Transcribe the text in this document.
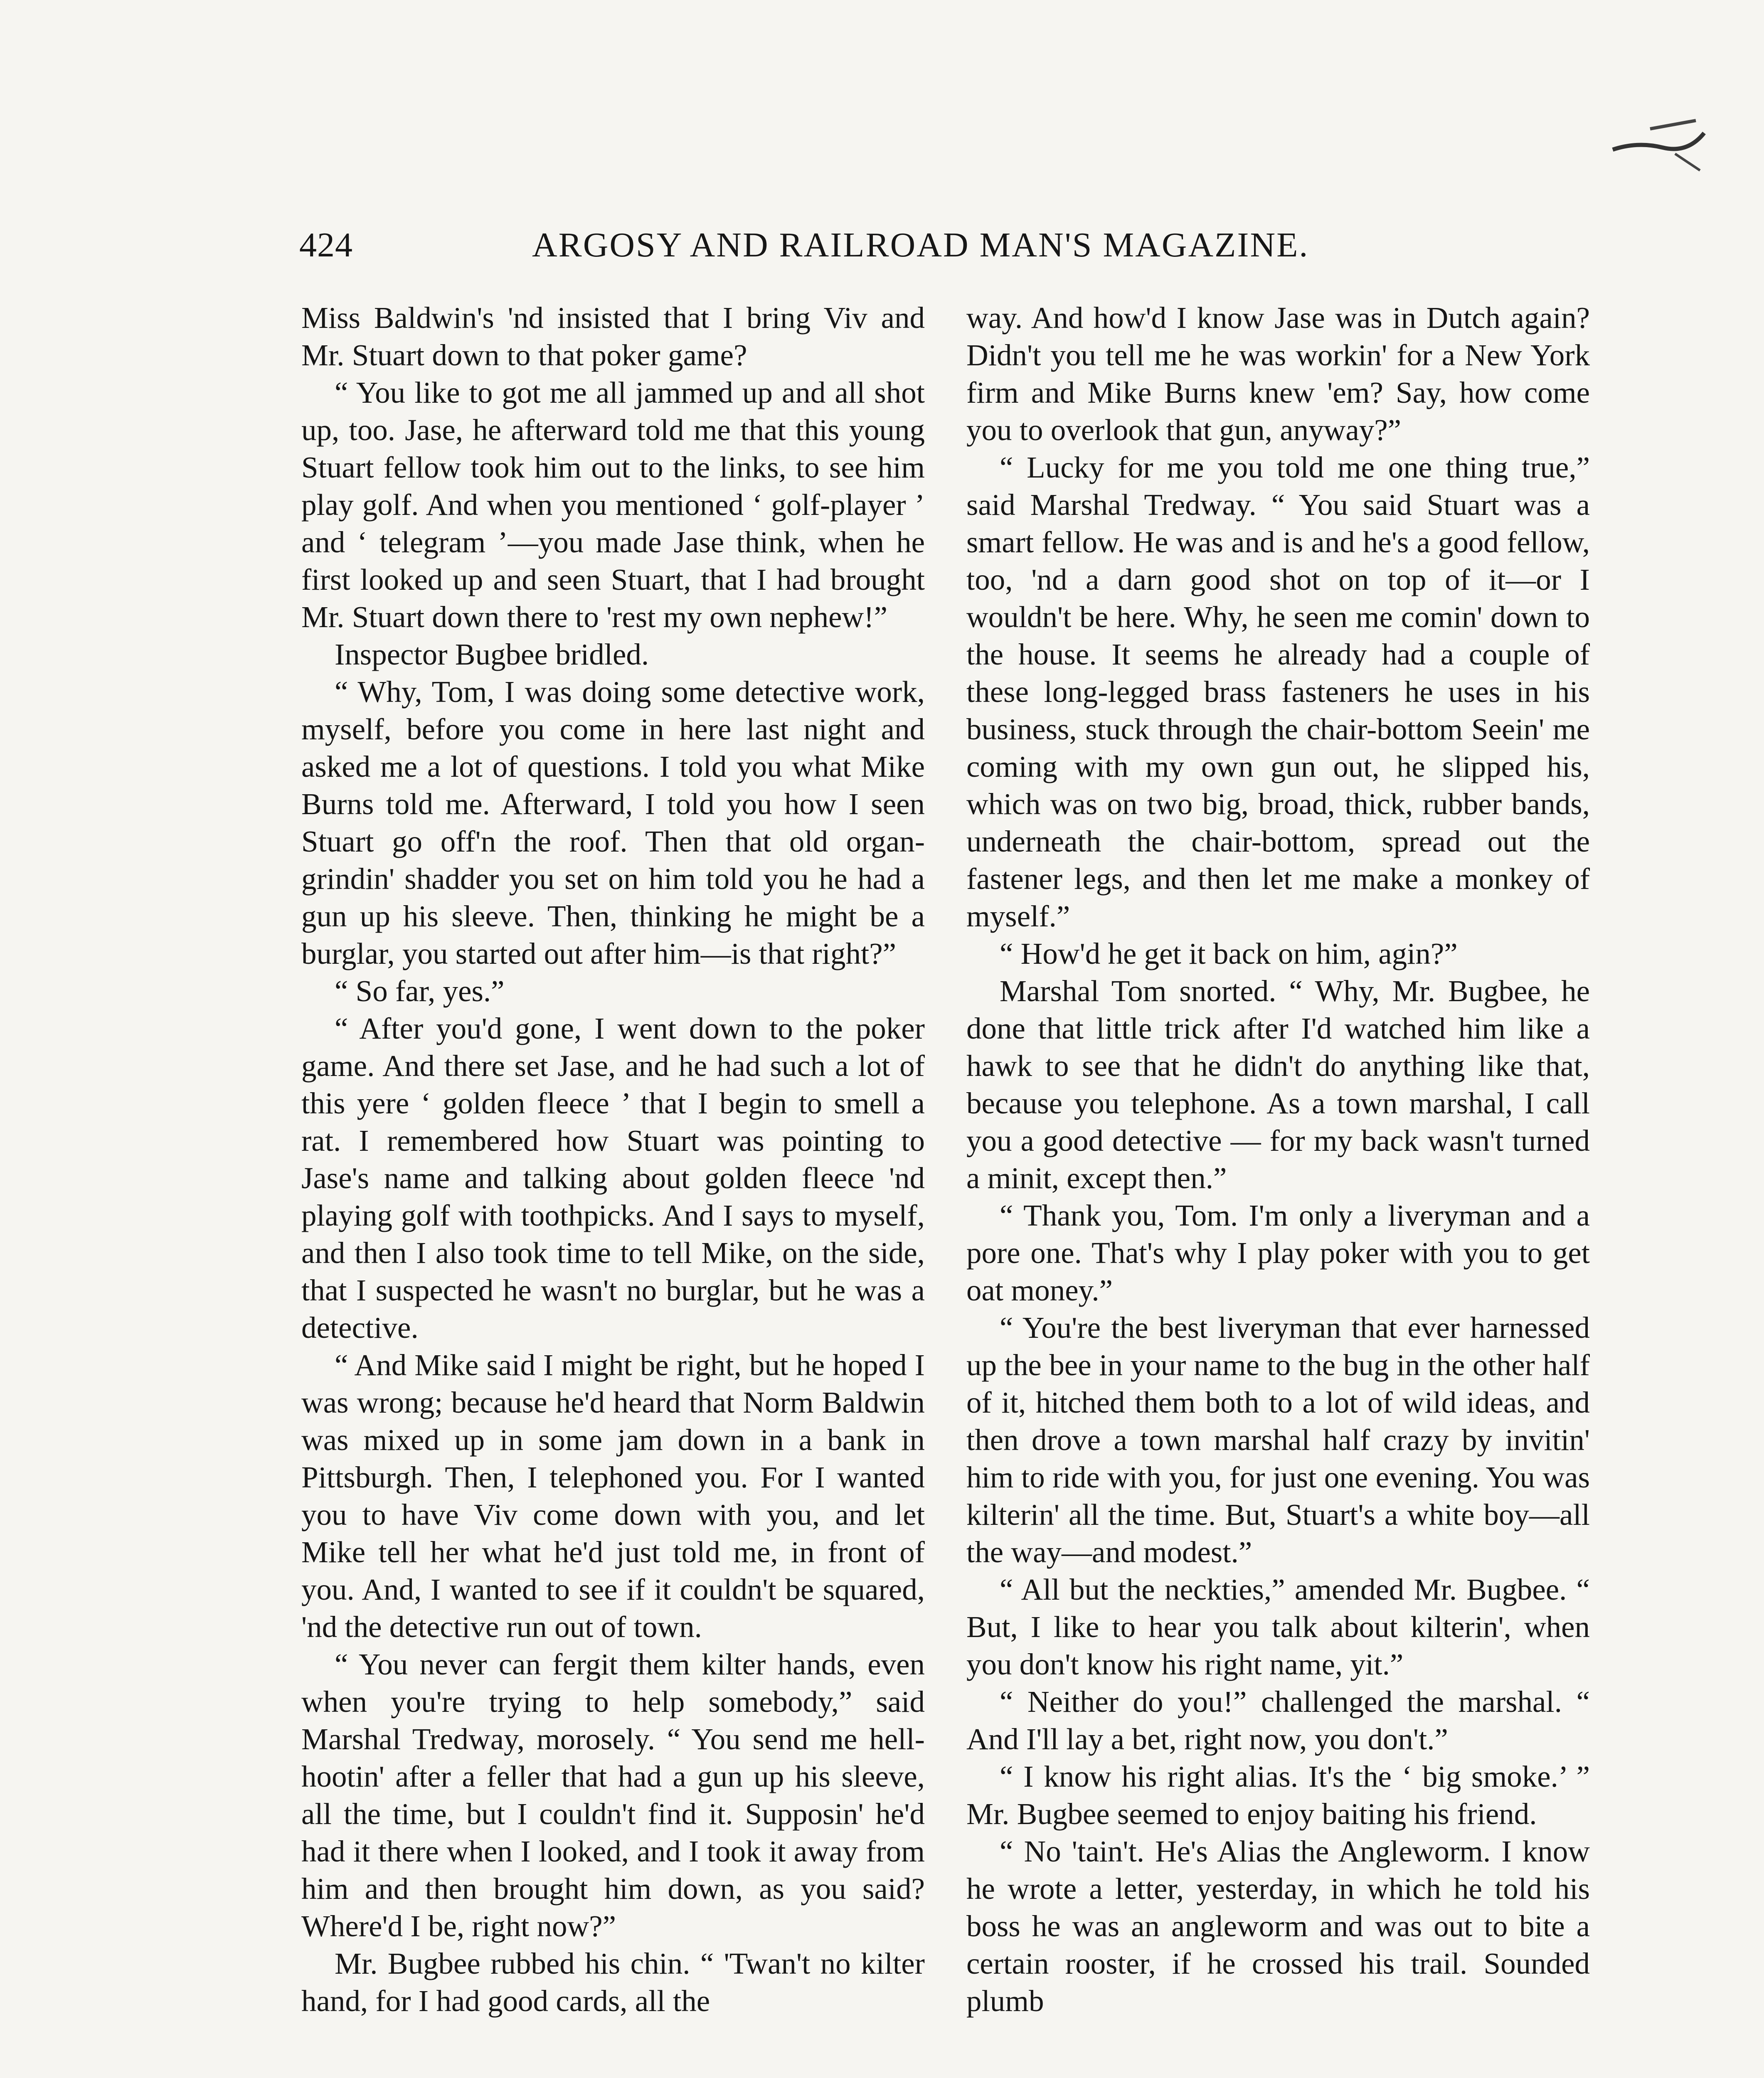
424	ARGOSY AND RAILROAD MAN'S MAGAZINE.

Miss Baldwin's 'nd insisted that I bring Viv and Mr. Stuart down to that poker game?

“ You like to got me all jammed up and all shot up, too. Jase, he afterward told me that this young Stuart fellow took him out to the links, to see him play golf. And when you mentioned ‘ golf-player ’ and ‘ telegram ’—you made Jase think, when he first looked up and seen Stuart, that I had brought Mr. Stuart down there to 'rest my own nephew!”

Inspector Bugbee bridled.

“ Why, Tom, I was doing some detective work, myself, before you come in here last night and asked me a lot of questions. I told you what Mike Burns told me. Afterward, I told you how I seen Stuart go off'n the roof. Then that old organ-grindin' shadder you set on him told you he had a gun up his sleeve. Then, thinking he might be a burglar, you started out after him—is that right?”

“ So far, yes.”

“ After you'd gone, I went down to the poker game. And there set Jase, and he had such a lot of this yere ‘ golden fleece ’ that I begin to smell a rat. I remembered how Stuart was pointing to Jase's name and talking about golden fleece 'nd playing golf with toothpicks. And I says to myself, and then I also took time to tell Mike, on the side, that I suspected he wasn't no burglar, but he was a detective.

“ And Mike said I might be right, but he hoped I was wrong; because he'd heard that Norm Baldwin was mixed up in some jam down in a bank in Pittsburgh. Then, I telephoned you. For I wanted you to have Viv come down with you, and let Mike tell her what he'd just told me, in front of you. And, I wanted to see if it couldn't be squared, 'nd the detective run out of town.

“ You never can fergit them kilter hands, even when you're trying to help somebody,” said Marshal Tredway, morosely. “ You send me hell-hootin' after a feller that had a gun up his sleeve, all the time, but I couldn't find it. Supposin' he'd had it there when I looked, and I took it away from him and then brought him down, as you said? Where'd I be, right now?”

Mr. Bugbee rubbed his chin. “ 'Twan't no kilter hand, for I had good cards, all the

way. And how'd I know Jase was in Dutch again? Didn't you tell me he was workin' for a New York firm and Mike Burns knew 'em? Say, how come you to overlook that gun, anyway?”

“ Lucky for me you told me one thing true,” said Marshal Tredway. “ You said Stuart was a smart fellow. He was and is and he's a good fellow, too, 'nd a darn good shot on top of it—or I wouldn't be here. Why, he seen me comin' down to the house. It seems he already had a couple of these long-legged brass fasteners he uses in his business, stuck through the chair-bottom Seein' me coming with my own gun out, he slipped his, which was on two big, broad, thick, rubber bands, underneath the chair-bottom, spread out the fastener legs, and then let me make a monkey of myself.”

“ How'd he get it back on him, agin?”

Marshal Tom snorted. “ Why, Mr. Bugbee, he done that little trick after I'd watched him like a hawk to see that he didn't do anything like that, because you telephone. As a town marshal, I call you a good detective — for my back wasn't turned a minit, except then.”

“ Thank you, Tom. I'm only a liveryman and a pore one. That's why I play poker with you to get oat money.”

“ You're the best liveryman that ever harnessed up the bee in your name to the bug in the other half of it, hitched them both to a lot of wild ideas, and then drove a town marshal half crazy by invitin' him to ride with you, for just one evening. You was kilterin' all the time. But, Stuart's a white boy—all the way—and modest.”

“ All but the neckties,” amended Mr. Bugbee. “ But, I like to hear you talk about kilterin', when you don't know his right name, yit.”

“ Neither do you!” challenged the marshal. “ And I'll lay a bet, right now, you don't.”

“ I know his right alias. It's the ‘ big smoke.’ ” Mr. Bugbee seemed to enjoy baiting his friend.

“ No 'tain't. He's Alias the Angleworm. I know he wrote a letter, yesterday, in which he told his boss he was an angleworm and was out to bite a certain rooster, if he crossed his trail. Sounded plumb
